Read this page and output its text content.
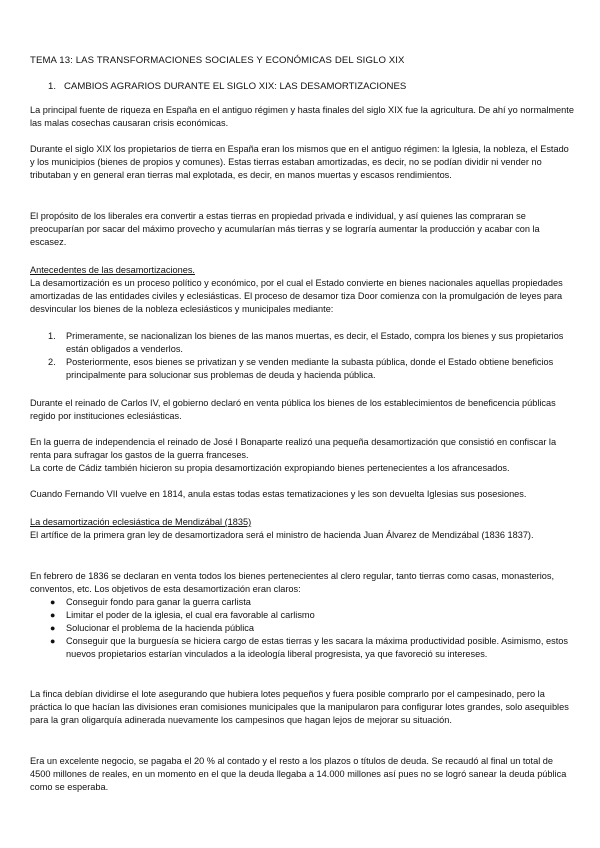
TEMA 13: LAS TRANSFORMACIONES SOCIALES Y ECONÓMICAS DEL SIGLO XIX
1. CAMBIOS AGRARIOS DURANTE EL SIGLO XIX: LAS DESAMORTIZACIONES

La principal fuente de riqueza en España en el antiguo régimen y hasta finales del siglo XIX fue la agricultura. De ahí yo normalmente las malas cosechas causaran crisis económicas.

Durante el siglo XIX los propietarios de tierra en España eran los mismos que en el antiguo régimen: la Iglesia, la nobleza, el Estado y los municipios (bienes de propios y comunes). Estas tierras estaban amortizadas, es decir, no se podían dividir ni vender no tributaban y en general eran tierras mal explotada, es decir, en manos muertas y escasos rendimientos.

El propósito de los liberales era convertir a estas tierras en propiedad privada e individual, y así quienes las compraran se preocuparían por sacar del máximo provecho y acumularían más tierras y se lograría aumentar la producción y acabar con la escasez.

Antecedentes de las desamortizaciones.

La desamortización es un proceso político y económico, por el cual el Estado convierte en bienes nacionales aquellas propiedades amortizadas de las entidades civiles y eclesiásticas. El proceso de desamor tiza Door comienza con la promulgación de leyes para desvincular los bienes de la nobleza eclesiásticos y municipales mediante:

1. Primeramente, se nacionalizan los bienes de las manos muertas, es decir, el Estado, compra los bienes y sus propietarios están obligados a venderlos.
2. Posteriormente, esos bienes se privatizan y se venden mediante la subasta pública, donde el Estado obtiene beneficios principalmente para solucionar sus problemas de deuda y hacienda pública.

Durante el reinado de Carlos IV, el gobierno declaró en venta pública los bienes de los establecimientos de beneficencia públicas regido por instituciones eclesiásticas.

En la guerra de independencia el reinado de José I Bonaparte realizó una pequeña desamortización que consistió en confiscar la renta para sufragar los gastos de la guerra franceses.

La corte de Cádiz también hicieron su propia desamortización expropiando bienes pertenecientes a los afrancesados.

Cuando Fernando VII vuelve en 1814, anula estas todas estas tematizaciones y les son devuelta Iglesias sus posesiones.

La desamortización eclesiástica de Mendizábal (1835)

El artífice de la primera gran ley de desamortizadora será el ministro de hacienda Juan Álvarez de Mendizábal (1836 1837).

En febrero de 1836 se declaran en venta todos los bienes pertenecientes al clero regular, tanto tierras como casas, monasterios, conventos, etc. Los objetivos de esta desamortización eran claros:

● Conseguir fondo para ganar la guerra carlista
● Limitar el poder de la iglesia, el cual era favorable al carlismo
● Solucionar el problema de la hacienda pública
● Conseguir que la burguesía se hiciera cargo de estas tierras y les sacara la máxima productividad posible. Asimismo, estos nuevos propietarios estarían vinculados a la ideología liberal progresista, ya que favoreció su intereses.

La finca debían dividirse el lote asegurando que hubiera lotes pequeños y fuera posible comprarlo por el campesinado, pero la práctica lo que hacían las divisiones eran comisiones municipales que la manipularon para configurar lotes grandes, solo asequibles para la gran oligarquía adinerada nuevamente los campesinos que hagan lejos de mejorar su situación.

Era un excelente negocio, se pagaba el 20 % al contado y el resto a los plazos o títulos de deuda. Se recaudó al final un total de 4500 millones de reales, en un momento en el que la deuda llegaba a 14.000 millones así pues no se logró sanear la deuda pública como se esperaba.
